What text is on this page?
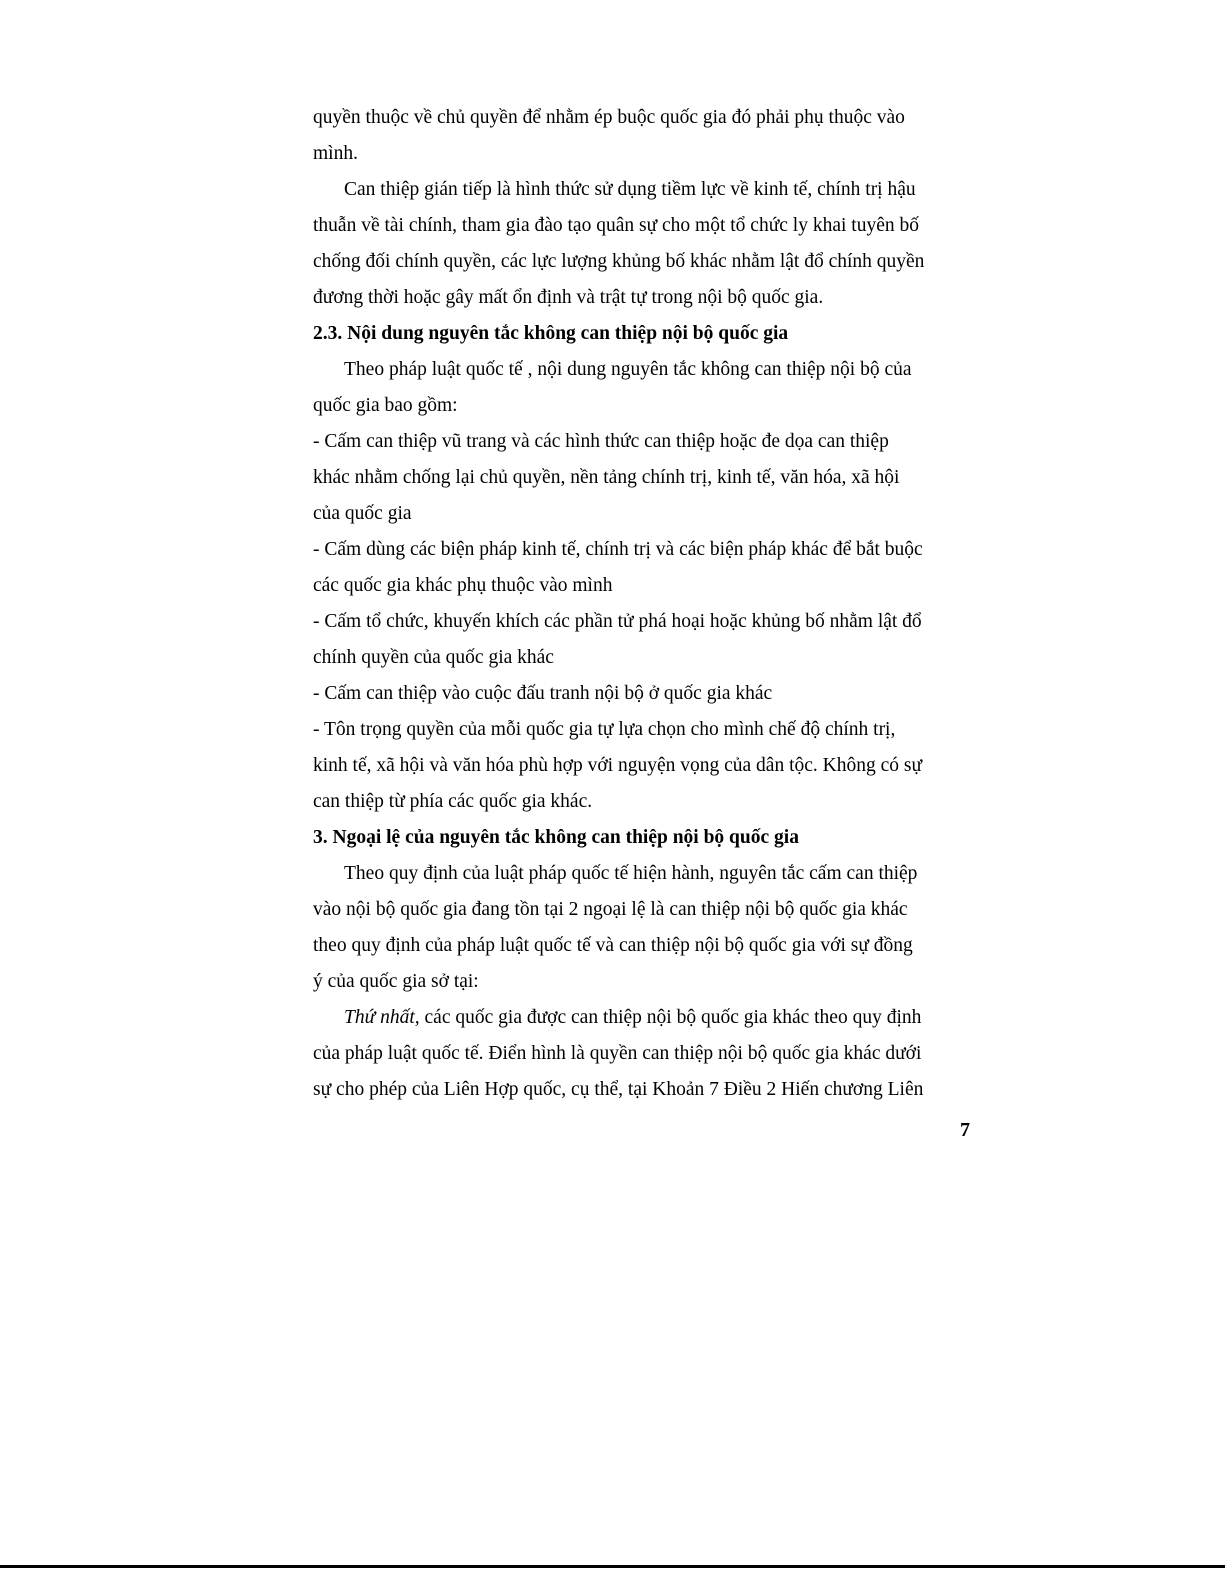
quyền thuộc về chủ quyền để nhằm ép buộc quốc gia đó phải phụ thuộc vào
mình.
Can thiệp gián tiếp là hình thức sử dụng tiềm lực về kinh tế, chính trị hậu
thuẫn về tài chính, tham gia đào tạo quân sự cho một tổ chức ly khai tuyên bố
chống đối chính quyền, các lực lượng khủng bố khác nhằm lật đổ chính quyền
đương thời hoặc gây mất ổn định và trật tự trong nội bộ quốc gia.
2.3. Nội dung nguyên tắc không can thiệp nội bộ quốc gia
Theo pháp luật quốc tế , nội dung nguyên tắc không can thiệp nội bộ của
quốc gia bao gồm:
- Cấm can thiệp vũ trang và các hình thức can thiệp hoặc đe dọa can thiệp
khác nhằm chống lại chủ quyền, nền tảng chính trị, kinh tế, văn hóa, xã hội
của quốc gia
- Cấm dùng các biện pháp kinh tế, chính trị và các biện pháp khác để bắt buộc
các quốc gia khác phụ thuộc vào mình
- Cấm tổ chức, khuyến khích các phần tử phá hoại hoặc khủng bố nhằm lật đổ
chính quyền của quốc gia khác
- Cấm can thiệp vào cuộc đấu tranh nội bộ ở quốc gia khác
- Tôn trọng quyền của mỗi quốc gia tự lựa chọn cho mình chế độ chính trị,
kinh tế, xã hội và văn hóa phù hợp với nguyện vọng của dân tộc. Không có sự
can thiệp từ phía các quốc gia khác.
3. Ngoại lệ của nguyên tắc không can thiệp nội bộ quốc gia
Theo quy định của luật pháp quốc tế hiện hành, nguyên tắc cấm can thiệp
vào nội bộ quốc gia đang tồn tại 2 ngoại lệ là can thiệp nội bộ quốc gia khác
theo quy định của pháp luật quốc tế và can thiệp nội bộ quốc gia với sự đồng
ý của quốc gia sở tại:
Thứ nhất, các quốc gia được can thiệp nội bộ quốc gia khác theo quy định
của pháp luật quốc tế. Điển hình là quyền can thiệp nội bộ quốc gia khác dưới
sự cho phép của Liên Hợp quốc, cụ thể, tại Khoản 7 Điều 2 Hiến chương Liên
7
